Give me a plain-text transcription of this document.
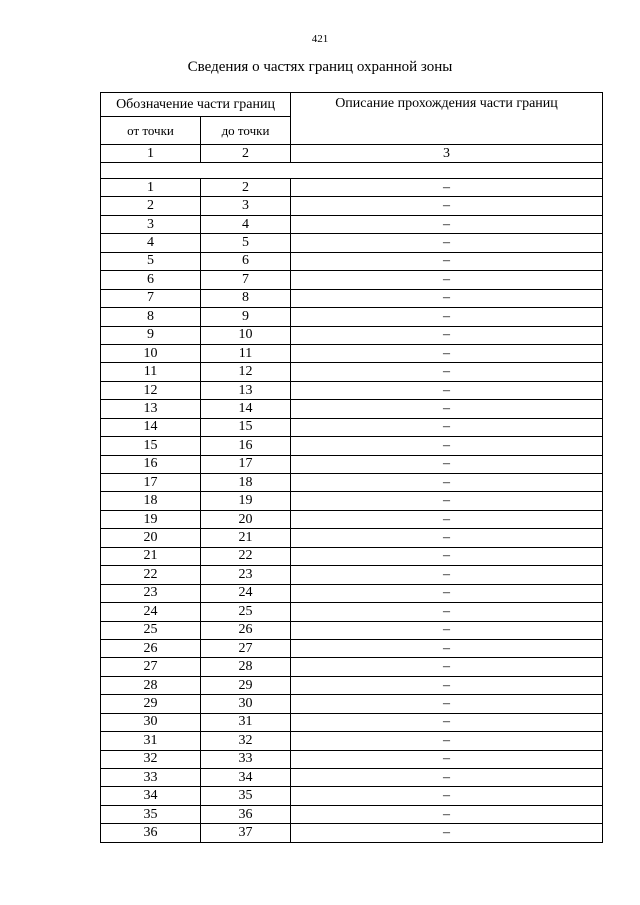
421
Сведения о частях границ охранной зоны
Обозначение части границ		Описание прохождения части границ
от точки	до точки	
1	2	3

1	2	–
2	3	–
3	4	–
4	5	–
5	6	–
6	7	–
7	8	–
8	9	–
9	10	–
10	11	–
11	12	–
12	13	–
13	14	–
14	15	–
15	16	–
16	17	–
17	18	–
18	19	–
19	20	–
20	21	–
21	22	–
22	23	–
23	24	–
24	25	–
25	26	–
26	27	–
27	28	–
28	29	–
29	30	–
30	31	–
31	32	–
32	33	–
33	34	–
34	35	–
35	36	–
36	37	–
